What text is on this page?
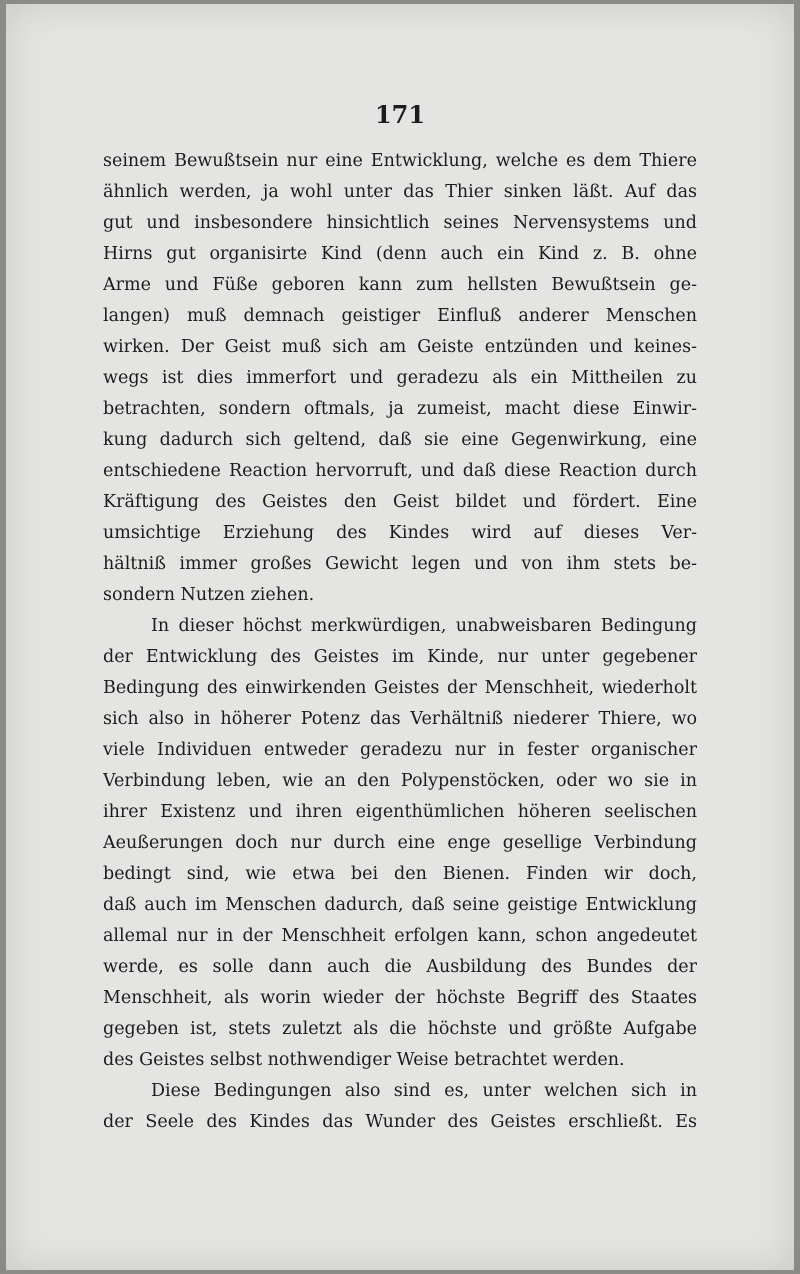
171
seinem Bewußtsein nur eine Entwicklung, welche es dem Thiere
ähnlich werden, ja wohl unter das Thier sinken läßt. Auf das
gut und insbesondere hinsichtlich seines Nervensystems und
Hirns gut organisirte Kind (denn auch ein Kind z. B. ohne
Arme und Füße geboren kann zum hellsten Bewußtsein ge-
langen) muß demnach geistiger Einfluß anderer Menschen
wirken. Der Geist muß sich am Geiste entzünden und keines-
wegs ist dies immerfort und geradezu als ein Mittheilen zu
betrachten, sondern oftmals, ja zumeist, macht diese Einwir-
kung dadurch sich geltend, daß sie eine Gegenwirkung, eine
entschiedene Reaction hervorruft, und daß diese Reaction durch
Kräftigung des Geistes den Geist bildet und fördert. Eine
umsichtige Erziehung des Kindes wird auf dieses Ver-
hältniß immer großes Gewicht legen und von ihm stets be-
sondern Nutzen ziehen.
In dieser höchst merkwürdigen, unabweisbaren Bedingung
der Entwicklung des Geistes im Kinde, nur unter gegebener
Bedingung des einwirkenden Geistes der Menschheit, wiederholt
sich also in höherer Potenz das Verhältniß niederer Thiere, wo
viele Individuen entweder geradezu nur in fester organischer
Verbindung leben, wie an den Polypenstöcken, oder wo sie in
ihrer Existenz und ihren eigenthümlichen höheren seelischen
Aeußerungen doch nur durch eine enge gesellige Verbindung
bedingt sind, wie etwa bei den Bienen. Finden wir doch,
daß auch im Menschen dadurch, daß seine geistige Entwicklung
allemal nur in der Menschheit erfolgen kann, schon angedeutet
werde, es solle dann auch die Ausbildung des Bundes der
Menschheit, als worin wieder der höchste Begriff des Staates
gegeben ist, stets zuletzt als die höchste und größte Aufgabe
des Geistes selbst nothwendiger Weise betrachtet werden.
Diese Bedingungen also sind es, unter welchen sich in
der Seele des Kindes das Wunder des Geistes erschließt. Es
